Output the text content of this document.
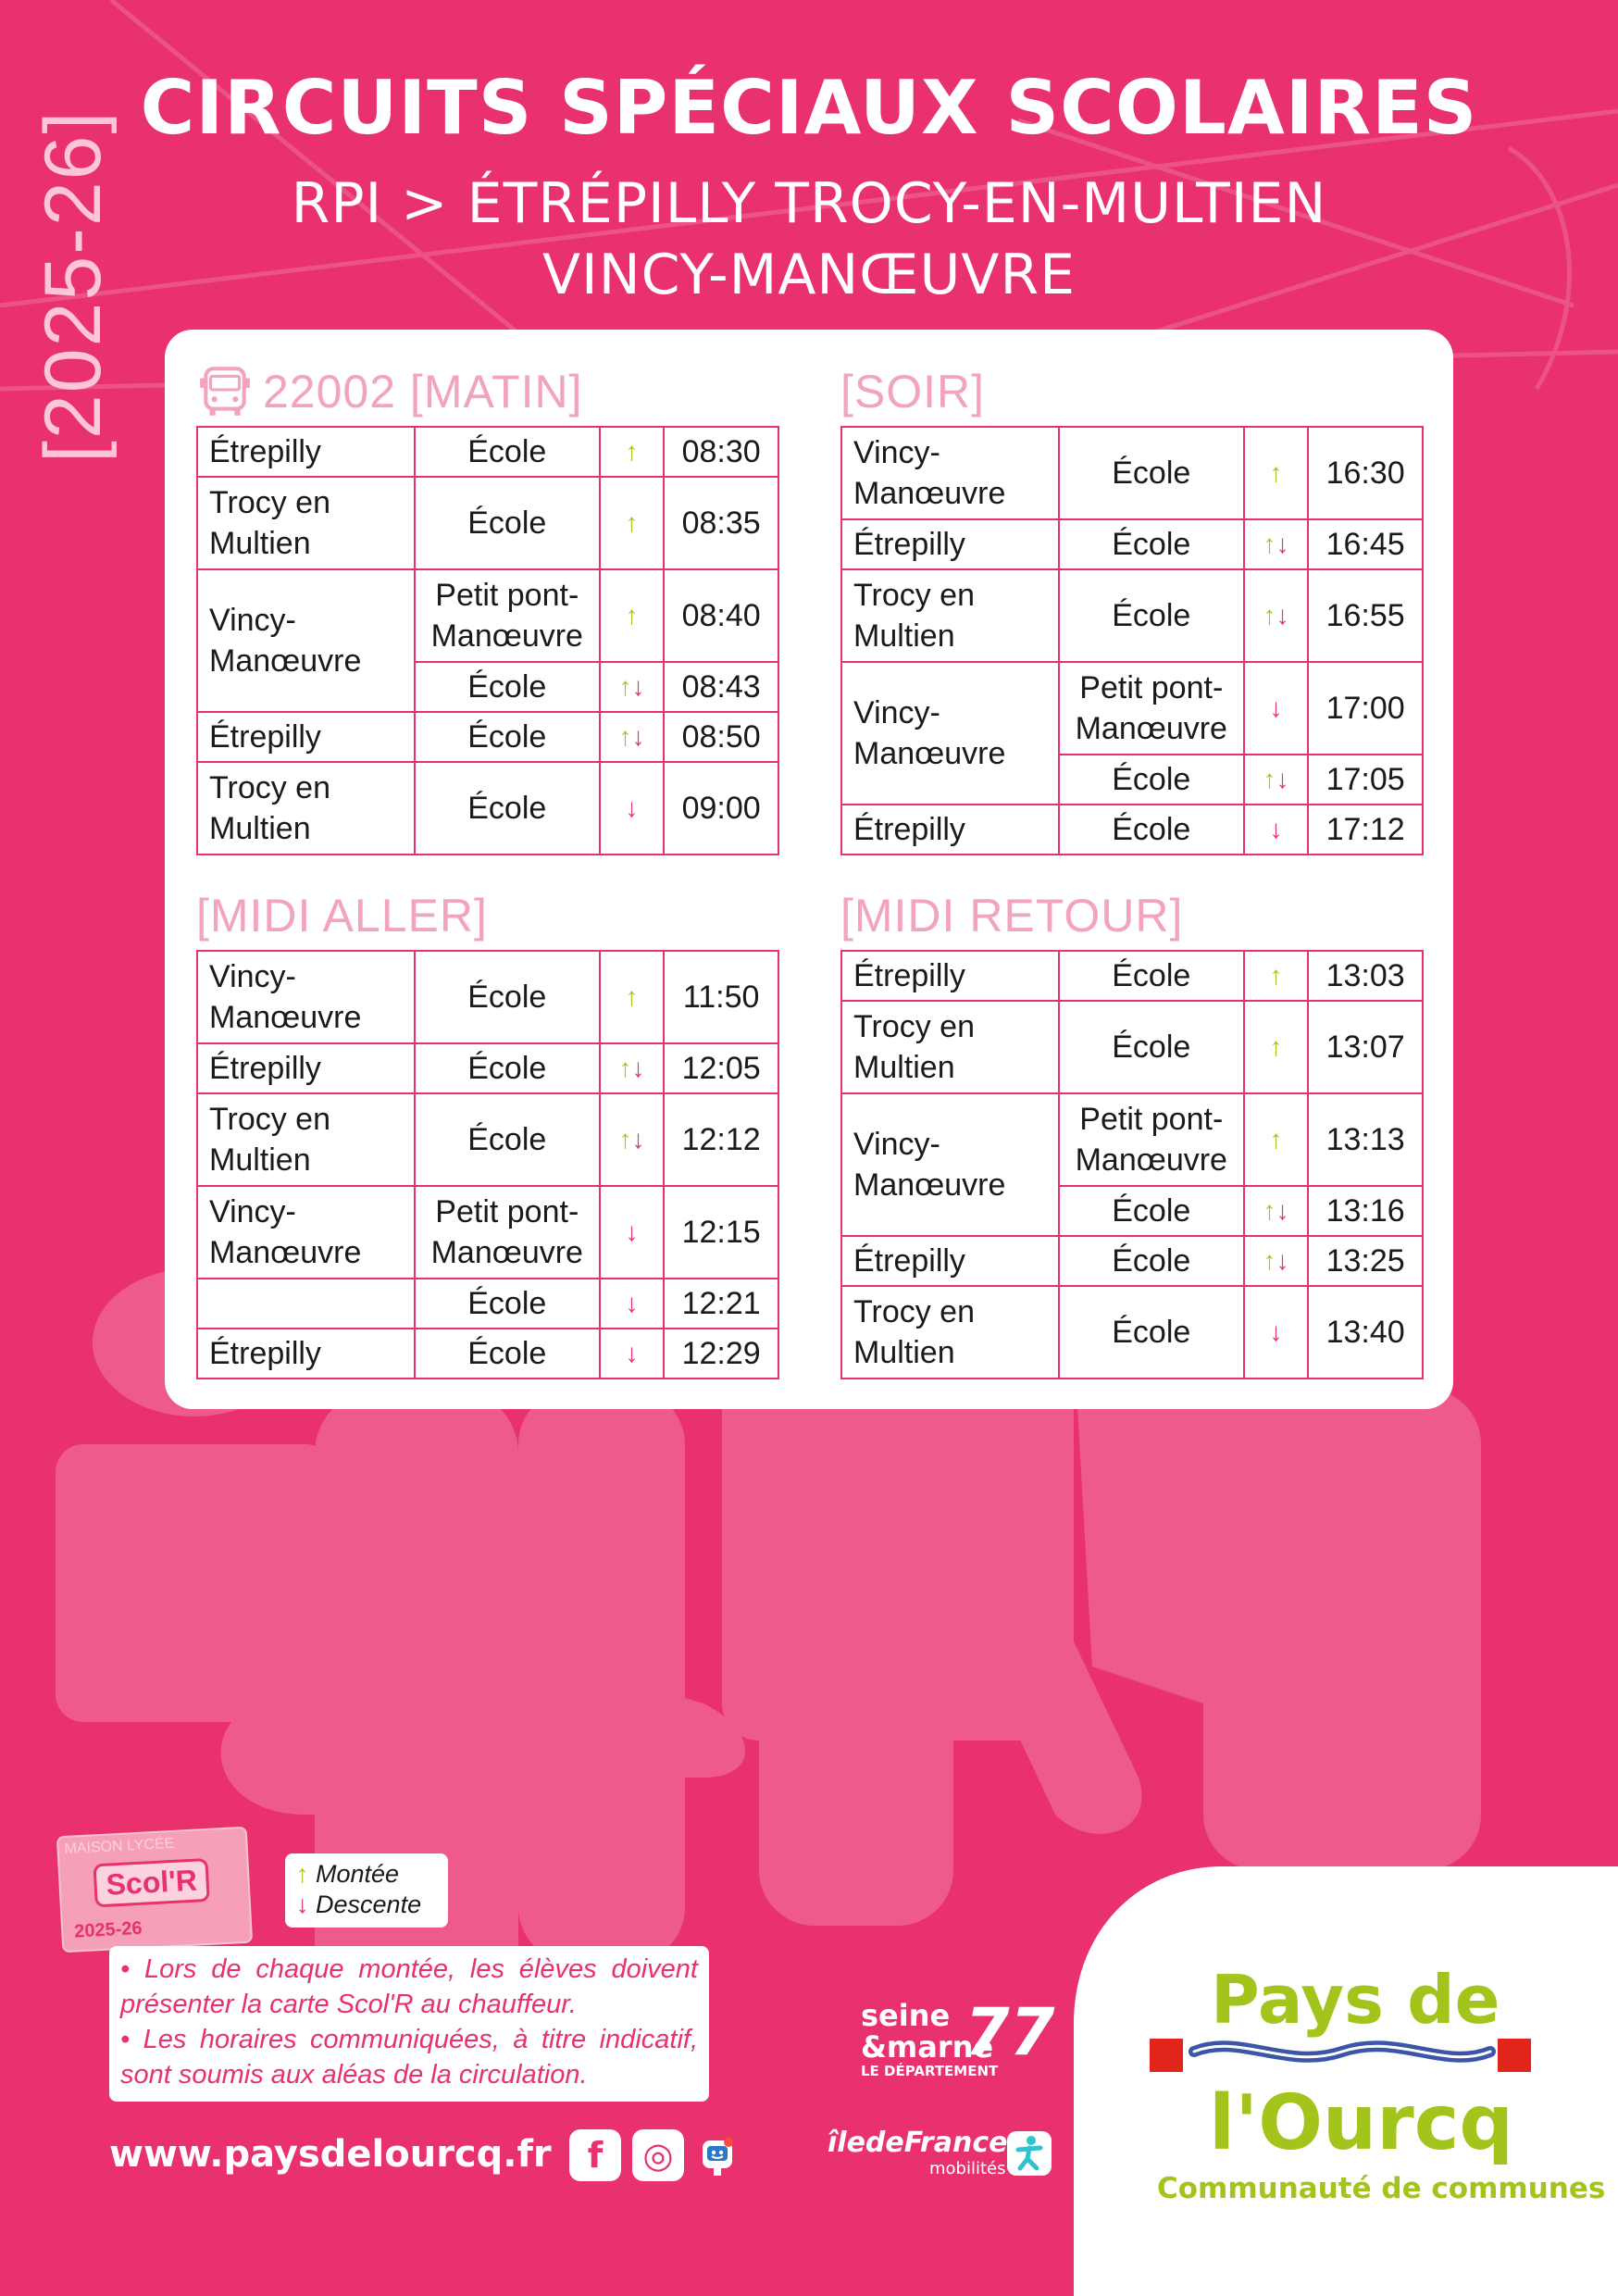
[2025-26]
CIRCUITS SPÉCIAUX SCOLAIRES
RPI > ÉTRÉPILLY TROCY-EN-MULTIEN
VINCY-MANŒUVRE
22002 [MATIN]
Étrepilly	École	↑	08:30
Trocy en Multien	École	↑	08:35
Vincy-Manœuvre	Petit pont-Manœuvre	↑	08:40
	École	↑↓	08:43
Étrepilly	École	↑↓	08:50
Trocy en Multien	École	↓	09:00
[SOIR]
Vincy-Manœuvre	École	↑	16:30
Étrepilly	École	↑↓	16:45
Trocy en Multien	École	↑↓	16:55
Vincy-Manœuvre	Petit pont-Manœuvre	↓	17:00
	École	↑↓	17:05
Étrepilly	École	↓	17:12
[MIDI ALLER]
Vincy-Manœuvre	École	↑	11:50
Étrepilly	École	↑↓	12:05
Trocy en Multien	École	↑↓	12:12
Vincy-Manœuvre	Petit pont-Manœuvre	↓	12:15
	École	↓	12:21
Étrepilly	École	↓	12:29
[MIDI RETOUR]
Étrepilly	École	↑	13:03
Trocy en Multien	École	↑	13:07
Vincy-Manœuvre	Petit pont-Manœuvre	↑	13:13
	École	↑↓	13:16
Étrepilly	École	↑↓	13:25
Trocy en Multien	École	↓	13:40
MAISON LYCÉE
Scol'R
2025-26
↑ Montée
↓ Descente
• Lors de chaque montée, les élèves doivent présenter la carte Scol'R au chauffeur.
• Les horaires communiquées, à titre indicatif, sont soumis aux aléas de la circulation.
www.paysdelourcq.fr	f	◎
seine
&marne
LE DÉPARTEMENT
77
îledeFrance
mobilités
Pays de
l'Ourcq
Communauté de communes
